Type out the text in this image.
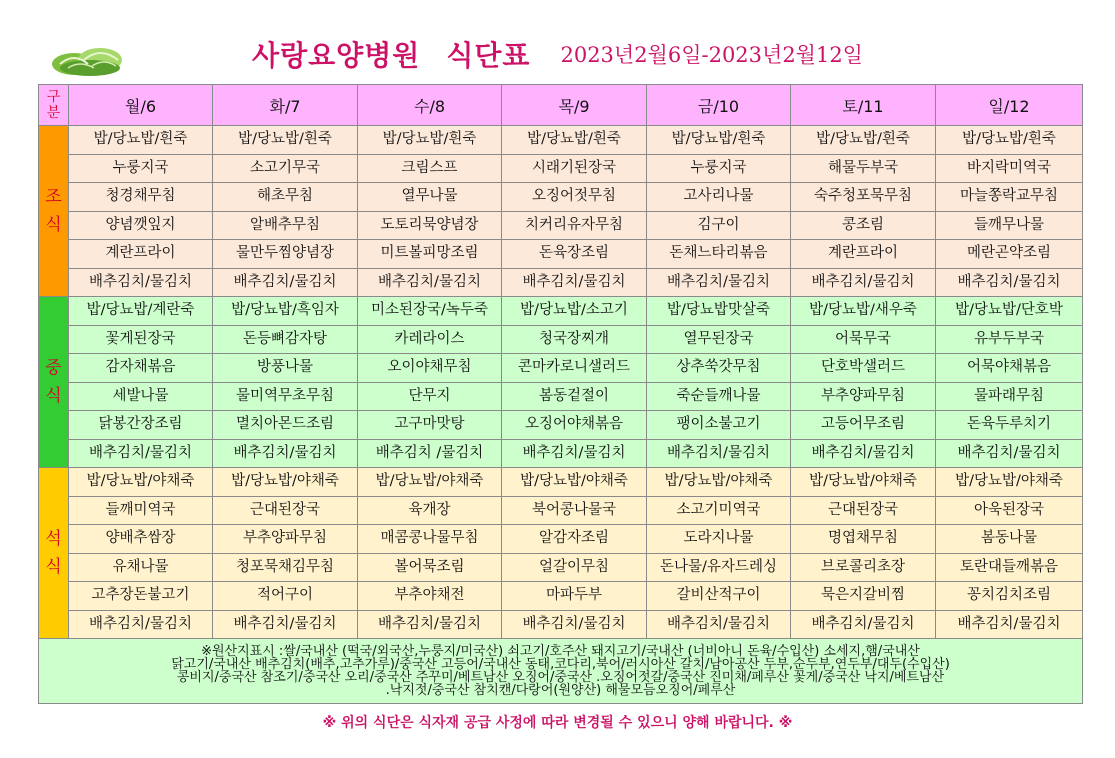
사랑요양병원 식단표 2023년2월6일-2023년2월12일
구분	월/6	화/7	수/8	목/9	금/10	토/11	일/12

조
식	밥/당뇨밥/흰죽	밥/당뇨밥/흰죽	밥/당뇨밥/흰죽	밥/당뇨밥/흰죽	밥/당뇨밥/흰죽	밥/당뇨밥/흰죽	밥/당뇨밥/흰죽
	누룽지국	소고기무국	크림스프	시래기된장국	누룽지국	해물두부국	바지락미역국
	청경채무침	해초무침	열무나물	오징어젓무침	고사리나물	숙주청포묵무침	마늘쫑락교무침
	양념깻잎지	알배추무침	도토리묵양념장	치커리유자무침	김구이	콩조림	들깨무나물
	계란프라이	물만두찜양념장	미트볼피망조림	돈육장조림	돈채느타리볶음	계란프라이	메란곤약조림
	배추김치/물김치	배추김치/물김치	배추김치/물김치	배추김치/물김치	배추김치/물김치	배추김치/물김치	배추김치/물김치

중
식	밥/당뇨밥/계란죽	밥/당뇨밥/흑임자	미소된장국/녹두죽	밥/당뇨밥/소고기	밥/당뇨밥맛살죽	밥/당뇨밥/새우죽	밥/당뇨밥/단호박
	꽃게된장국	돈등뼈감자탕	카레라이스	청국장찌개	열무된장국	어묵무국	유부두부국
	감자채볶음	방풍나물	오이야채무침	콘마카로니샐러드	상추쑥갓무침	단호박샐러드	어묵야채볶음
	세발나물	물미역무초무침	단무지	봄동겉절이	죽순들깨나물	부추양파무침	물파래무침
	닭봉간장조림	멸치아몬드조림	고구마맛탕	오징어야채볶음	팽이소불고기	고등어무조림	돈육두루치기
	배추김치/물김치	배추김치/물김치	배추김치 /물김치	배추김치/물김치	배추김치/물김치	배추김치/물김치	배추김치/물김치

석
식	밥/당뇨밥/야채죽	밥/당뇨밥/야채죽	밥/당뇨밥/야채죽	밥/당뇨밥/야채죽	밥/당뇨밥/야채죽	밥/당뇨밥/야채죽	밥/당뇨밥/야채죽
	들깨미역국	근대된장국	육개장	북어콩나물국	소고기미역국	근대된장국	아욱된장국
	양배추쌈장	부추양파무침	매콤콩나물무침	알감자조림	도라지나물	명엽채무침	봄동나물
	유채나물	청포묵채김무침	볼어묵조림	얼갈이무침	돈나물/유자드레싱	브로콜리초장	토란대들깨볶음
	고추장돈불고기	적어구이	부추야채전	마파두부	갈비산적구이	묵은지갈비찜	꽁치김치조림
	배추김치/물김치	배추김치/물김치	배추김치/물김치	배추김치/물김치	배추김치/물김치	배추김치/물김치	배추김치/물김치

※원산지표시 :쌀/국내산 (떡국/외국산,누룽지/미국산) 쇠고기/호주산 돼지고기/국내산 (너비아니 돈육/수입산) 소세지,햄/국내산
닭고기/국내산 배추김치(배추,고추가루)/중국산 고등어/국내산 동태,코다리,북어/러시아산 갈치/남아공산 두부,순두부,연두부/대두(수입산)
콩비지/중국산 참조기/중국산 오리/중국산 주꾸미/베트남산 오징어/중국산 .오징어젓갈/중국산 진미채/페루산 꽃게/중국산 낙지/베트남산
.낙지젓/중국산 참치캔/다랑어(원양산) 해물모듬오징어/페루산							
※ 위의 식단은 식자재 공급 사정에 따라 변경될 수 있으니 양해 바랍니다. ※
